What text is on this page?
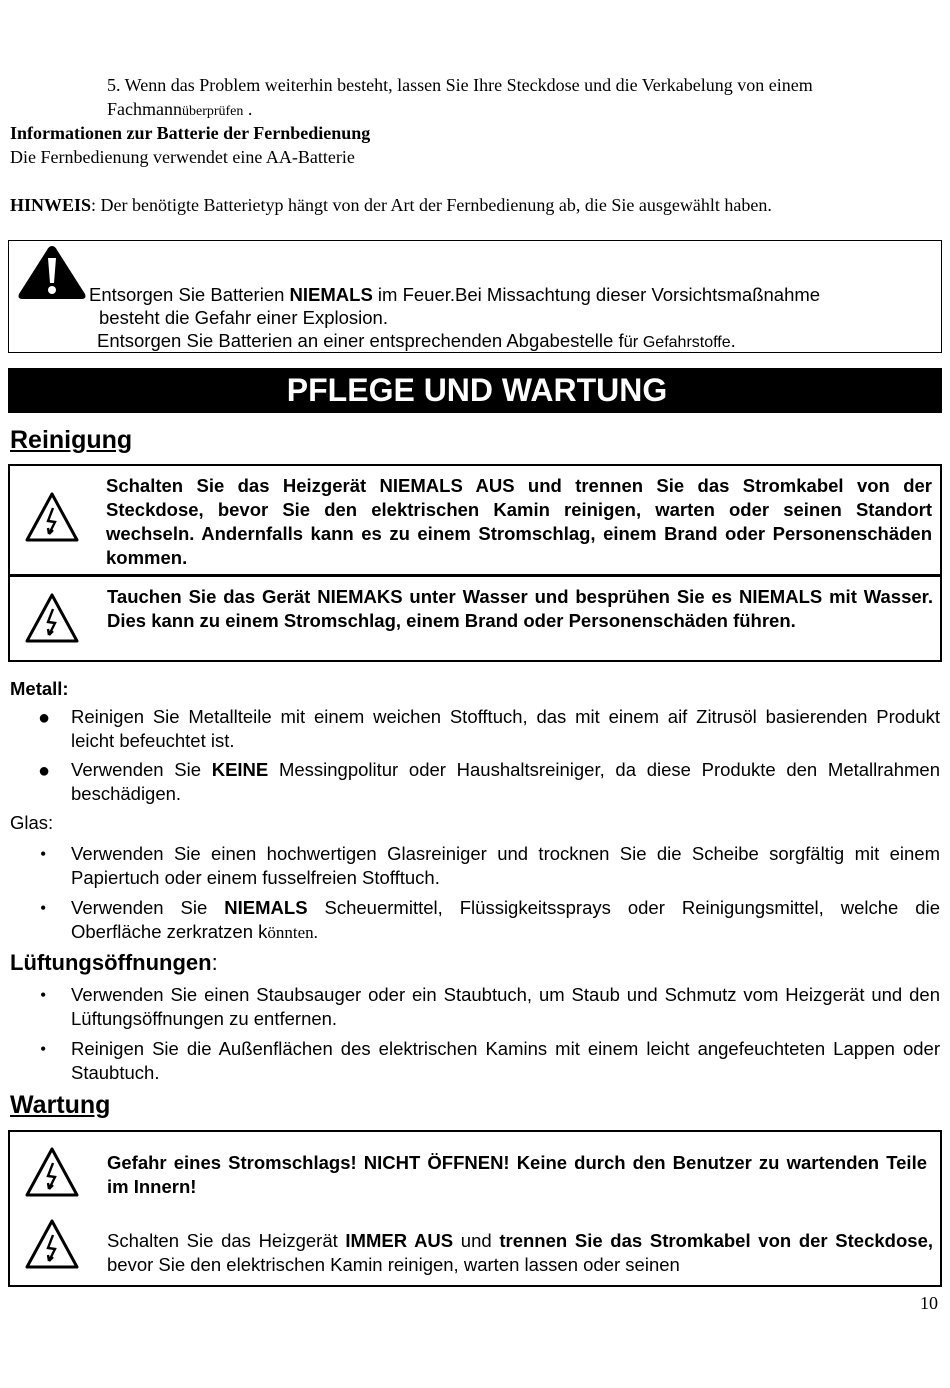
5. Wenn das Problem weiterhin besteht, lassen Sie Ihre Steckdose und die Verkabelung von einem
Fachmannüberprüfen .
Informationen zur Batterie der Fernbedienung
Die Fernbedienung verwendet eine AA-Batterie
HINWEIS: Der benötigte Batterietyp hängt von der Art der Fernbedienung ab, die Sie ausgewählt haben.
Entsorgen Sie Batterien NIEMALS im Feuer.Bei Missachtung dieser Vorsichtsmaßnahme
besteht die Gefahr einer Explosion.
Entsorgen Sie Batterien an einer entsprechenden Abgabestelle für Gefahrstoffe.
PFLEGE UND WARTUNG
Reinigung
Schalten Sie das Heizgerät NIEMALS AUS und trennen Sie das Stromkabel von der Steckdose, bevor Sie den elektrischen Kamin reinigen, warten oder seinen Standort wechseln. Andernfalls kann es zu einem Stromschlag, einem Brand oder Personenschäden kommen.
Tauchen Sie das Gerät NIEMAKS unter Wasser und besprühen Sie es NIEMALS mit Wasser. Dies kann zu einem Stromschlag, einem Brand oder Personenschäden führen.
Metall:
● Reinigen Sie Metallteile mit einem weichen Stofftuch, das mit einem aif Zitrusöl basierenden Produkt leicht befeuchtet ist.
● Verwenden Sie KEINE Messingpolitur oder Haushaltsreiniger, da diese Produkte den Metallrahmen beschädigen.
Glas:
• Verwenden Sie einen hochwertigen Glasreiniger und trocknen Sie die Scheibe sorgfältig mit einem Papiertuch oder einem fusselfreien Stofftuch.
• Verwenden Sie NIEMALS Scheuermittel, Flüssigkeitssprays oder Reinigungsmittel, welche die Oberfläche zerkratzen könnten.
Lüftungsöffnungen:
• Verwenden Sie einen Staubsauger oder ein Staubtuch, um Staub und Schmutz vom Heizgerät und den Lüftungsöffnungen zu entfernen.
• Reinigen Sie die Außenflächen des elektrischen Kamins mit einem leicht angefeuchteten Lappen oder Staubtuch.
Wartung
Gefahr eines Stromschlags! NICHT ÖFFNEN! Keine durch den Benutzer zu wartenden Teile im Innern!
Schalten Sie das Heizgerät IMMER AUS und trennen Sie das Stromkabel von der Steckdose, bevor Sie den elektrischen Kamin reinigen, warten lassen oder seinen
10
